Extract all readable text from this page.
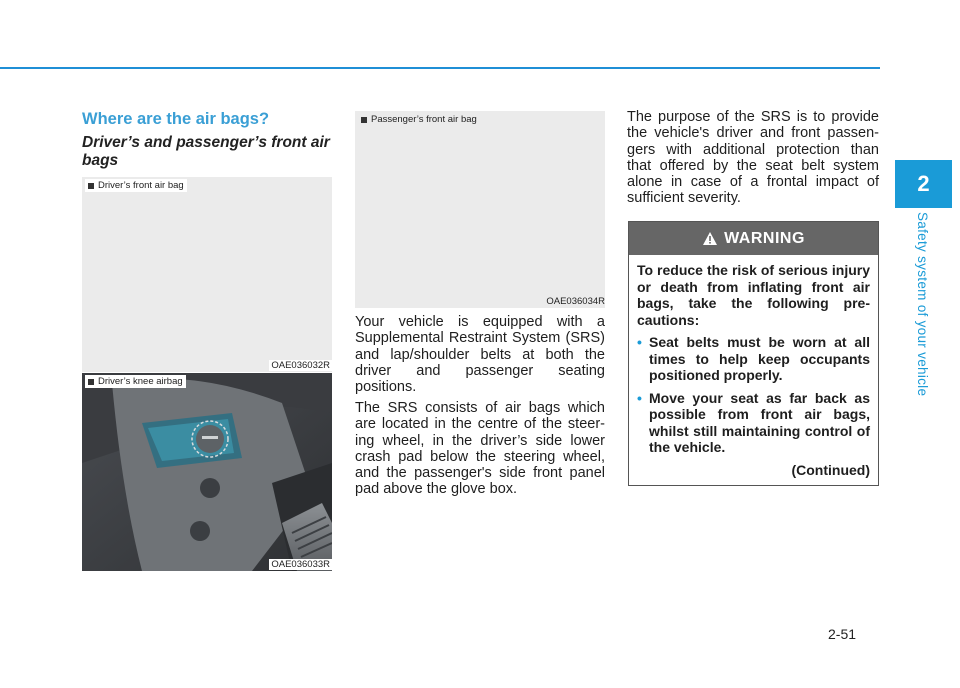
Where are the air bags?
Driver’s and passenger’s front air bags
Driver’s front air bag
OAE036032R
Driver’s knee airbag
OAE036033R
Passenger’s front air bag
OAE036034R
Your vehicle is equipped with a Supplemental Restraint System (SRS) and lap/shoulder belts at both the driver and passenger seating positions.
The SRS consists of air bags which are located in the centre of the steer-ing wheel, in the driver’s side lower crash pad below the steering wheel, and the passenger's side front panel pad above the glove box.
The purpose of the SRS is to provide the vehicle's driver and front passen-gers with additional protection than that offered by the seat belt system alone in case of a frontal impact of sufficient severity.
WARNING

To reduce the risk of serious injury or death from inflating front air bags, take the following pre-cautions:

• Seat belts must be worn at all times to help keep occupants positioned properly.
• Move your seat as far back as possible from front air bags, whilst still maintaining control of the vehicle.
(Continued)
2
Safety system of your vehicle
2-51
